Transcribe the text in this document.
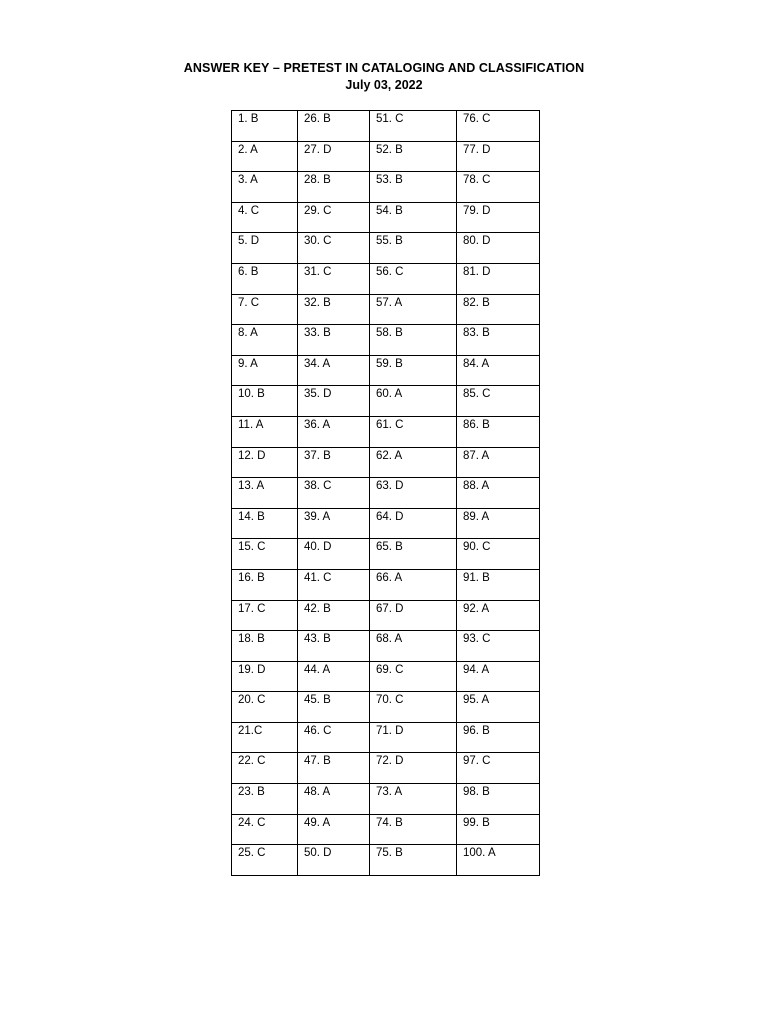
ANSWER KEY – PRETEST IN CATALOGING AND CLASSIFICATION
July 03, 2022
1. B	26. B	51. C	76. C
2. A	27. D	52. B	77. D
3. A	28. B	53. B	78. C
4. C	29. C	54. B	79. D
5. D	30. C	55. B	80. D
6. B	31. C	56. C	81. D
7. C	32. B	57. A	82. B
8. A	33. B	58. B	83. B
9. A	34. A	59. B	84. A
10. B	35. D	60. A	85. C
11. A	36. A	61. C	86. B
12. D	37. B	62. A	87. A
13. A	38. C	63. D	88. A
14. B	39. A	64. D	89. A
15. C	40. D	65. B	90. C
16. B	41. C	66. A	91. B
17. C	42. B	67. D	92. A
18. B	43. B	68. A	93. C
19. D	44. A	69. C	94. A
20. C	45. B	70. C	95. A
21.C	46. C	71. D	96. B
22. C	47. B	72. D	97. C
23. B	48. A	73. A	98. B
24. C	49. A	74. B	99. B
25. C	50. D	75. B	100. A
